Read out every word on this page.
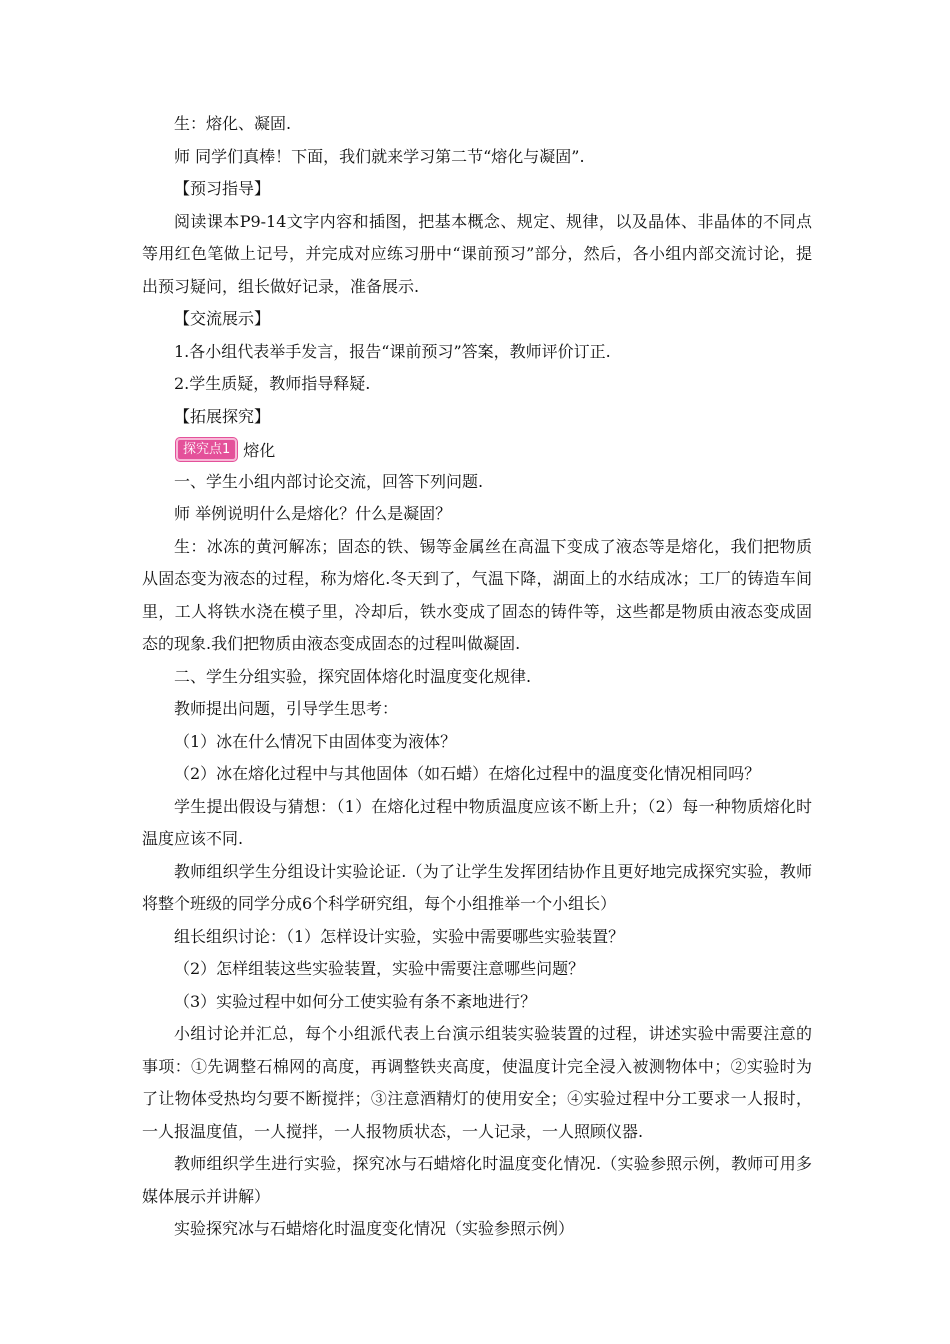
生：熔化、凝固.

师 同学们真棒！下面，我们就来学习第二节“熔化与凝固”.

【预习指导】

阅读课本P9-14文字内容和插图，把基本概念、规定、规律，以及晶体、非晶体的不同点等用红色笔做上记号，并完成对应练习册中“课前预习”部分，然后，各小组内部交流讨论，提出预习疑问，组长做好记录，准备展示.

【交流展示】

1.各小组代表举手发言，报告“课前预习”答案，教师评价订正.

2.学生质疑，教师指导释疑.

【拓展探究】

探究点1 熔化

一、学生小组内部讨论交流，回答下列问题.

师 举例说明什么是熔化？什么是凝固？

生：冰冻的黄河解冻；固态的铁、锡等金属丝在高温下变成了液态等是熔化，我们把物质从固态变为液态的过程，称为熔化.冬天到了，气温下降，湖面上的水结成冰；工厂的铸造车间里，工人将铁水浇在模子里，冷却后，铁水变成了固态的铸件等，这些都是物质由液态变成固态的现象.我们把物质由液态变成固态的过程叫做凝固.

二、学生分组实验，探究固体熔化时温度变化规律.

教师提出问题，引导学生思考：

（1）冰在什么情况下由固体变为液体？

（2）冰在熔化过程中与其他固体（如石蜡）在熔化过程中的温度变化情况相同吗？

学生提出假设与猜想：（1）在熔化过程中物质温度应该不断上升；（2）每一种物质熔化时温度应该不同.

教师组织学生分组设计实验论证.（为了让学生发挥团结协作且更好地完成探究实验，教师将整个班级的同学分成6个科学研究组，每个小组推举一个小组长）

组长组织讨论：（1）怎样设计实验，实验中需要哪些实验装置？

（2）怎样组装这些实验装置，实验中需要注意哪些问题？

（3）实验过程中如何分工使实验有条不紊地进行？

小组讨论并汇总，每个小组派代表上台演示组装实验装置的过程，讲述实验中需要注意的事项：①先调整石棉网的高度，再调整铁夹高度，使温度计完全浸入被测物体中；②实验时为了让物体受热均匀要不断搅拌；③注意酒精灯的使用安全；④实验过程中分工要求一人报时，一人报温度值，一人搅拌，一人报物质状态，一人记录，一人照顾仪器.

教师组织学生进行实验，探究冰与石蜡熔化时温度变化情况.（实验参照示例，教师可用多媒体展示并讲解）

实验探究冰与石蜡熔化时温度变化情况（实验参照示例）
